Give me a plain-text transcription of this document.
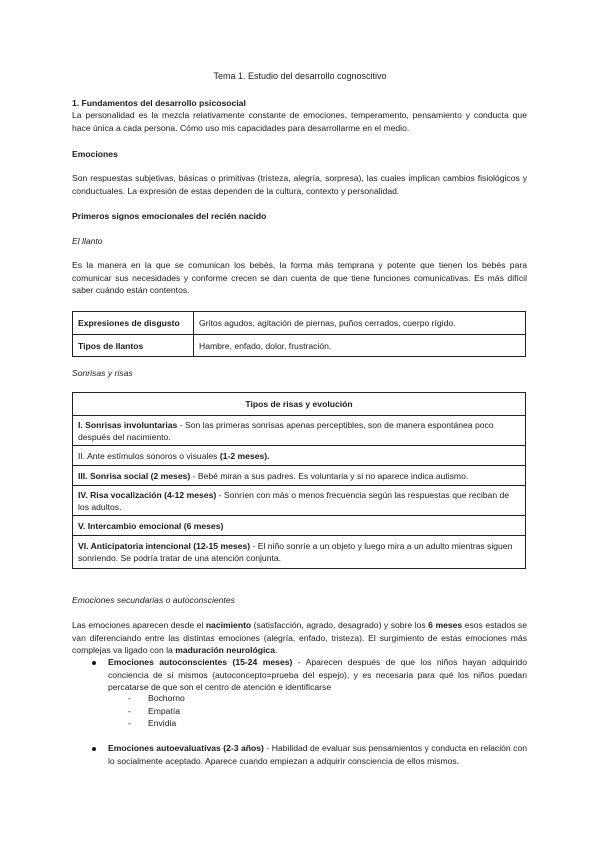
Tema 1. Estudio del desarrollo cognoscitivo
1. Fundamentos del desarrollo psicosocial
La personalidad es la mezcla relativamente constante de emociones, temperamento, pensamiento y conducta que hace única a cada persona. Cómo uso mis capacidades para desarrollarme en el medio.
Emociones
Son respuestas subjetivas, básicas o primitivas (tristeza, alegría, sorpresa), las cuales implican cambios fisiológicos y conductuales. La expresión de estas dependen de la cultura, contexto y personalidad.
Primeros signos emocionales del recién nacido
El llanto
Es la manera en la que se comunican los bebés, la forma más temprana y potente que tienen los bebés para comunicar sus necesidades y conforme crecen se dan cuenta de que tiene funciones comunicativas. Es más difícil saber cuándo están contentos.
Expresiones de disgusto	Gritos agudos, agitación de piernas, puños cerrados, cuerpo rígido.
Tipos de llantos	Hambre, enfado, dolor, frustración.
Sonrisas y risas
Tipos de risas y evolución
I. Sonrisas involuntarias - Son las primeras sonrisas apenas perceptibles, son de manera espontánea poco después del nacimiento.
II. Ante estímulos sonoros o visuales (1-2 meses).
III. Sonrisa social (2 meses) - Bebé miran a sus padres. Es voluntaria y si no aparece indica autismo.
IV. Risa vocalización (4-12 meses) - Sonríen con más o menos frecuencia según las respuestas que reciban de los adultos.
V. Intercambio emocional (6 meses)
VI. Anticipatoria intencional (12-15 meses) - El niño sonríe a un objeto y luego mira a un adulto mientras siguen sonriendo. Se podría tratar de una atención conjunta.
Emociones secundarias o autoconscientes
Las emociones aparecen desde el nacimiento (satisfacción, agrado, desagrado) y sobre los 6 meses esos estados se van diferenciando entre las distintas emociones (alegría, enfado, tristeza). El surgimiento de estas emociones más complejas va ligado con la maduración neurológica.
Emociones autoconscientes (15-24 meses) - Aparecen después de que los niños hayan adquirido conciencia de sí mismos (autoconcepto=prueba del espejo), y es necesaria para qué los niños puedan percatarse de que son el centro de atención e identificarse
- Bochorno
- Empatía
- Envidia
Emociones autoevaluativas (2-3 años) - Habilidad de evaluar sus pensamientos y conducta en relación con lo socialmente aceptado. Aparece cuando empiezan a adquirir consciencia de ellos mismos.
